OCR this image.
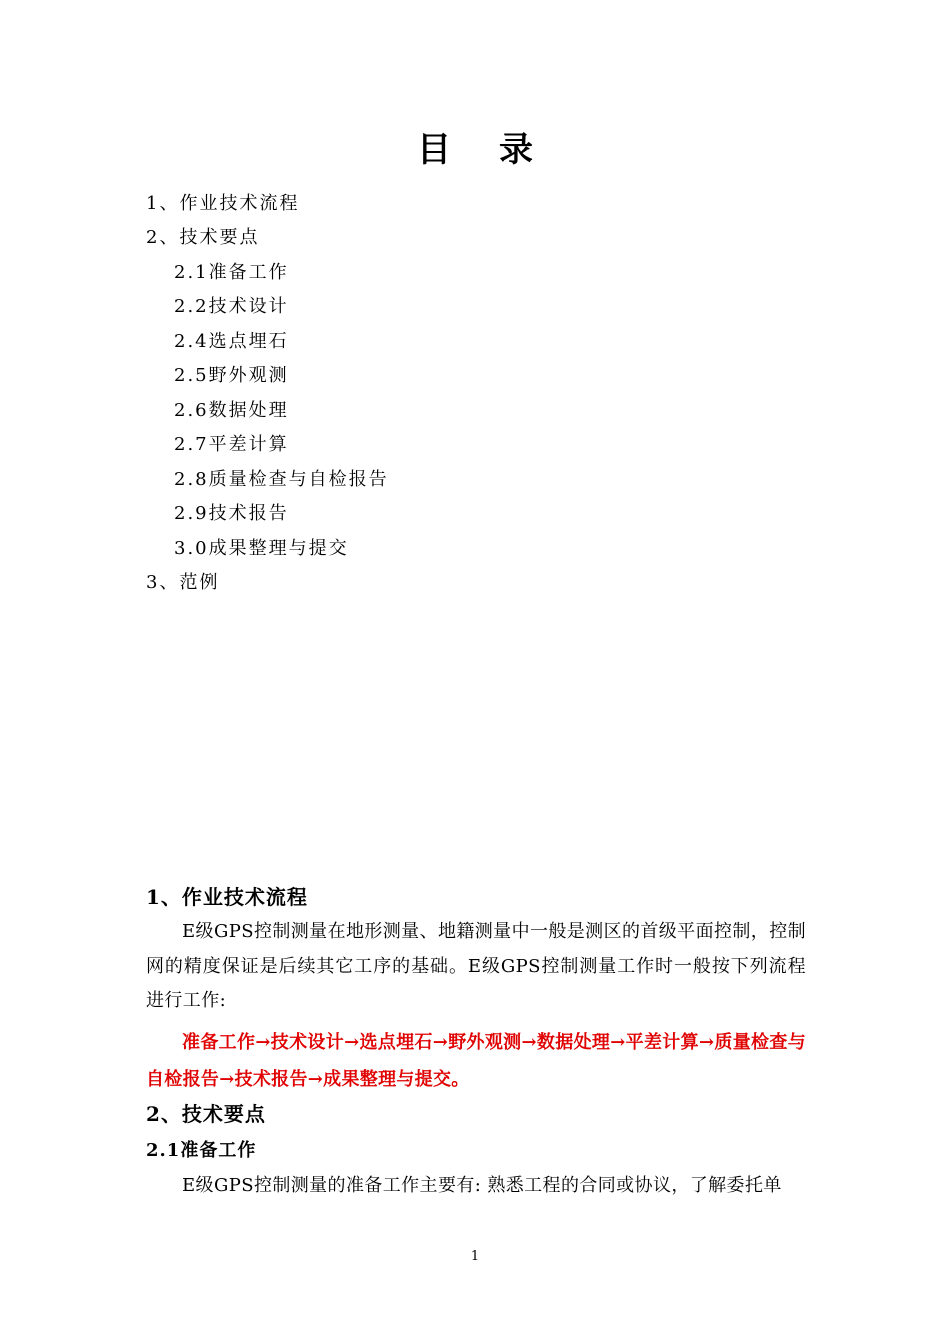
目录
1、作业技术流程
2、技术要点
2.1准备工作
2.2技术设计
2.4选点埋石
2.5野外观测
2.6数据处理
2.7平差计算
2.8质量检查与自检报告
2.9技术报告
3.0成果整理与提交
3、范例
1、作业技术流程
E级GPS控制测量在地形测量、地籍测量中一般是测区的首级平面控制，控制网的精度保证是后续其它工序的基础。E级GPS控制测量工作时一般按下列流程进行工作:
准备工作→技术设计→选点埋石→野外观测→数据处理→平差计算→质量检查与自检报告→技术报告→成果整理与提交。
2、技术要点
2.1准备工作
E级GPS控制测量的准备工作主要有: 熟悉工程的合同或协议，了解委托单
1
